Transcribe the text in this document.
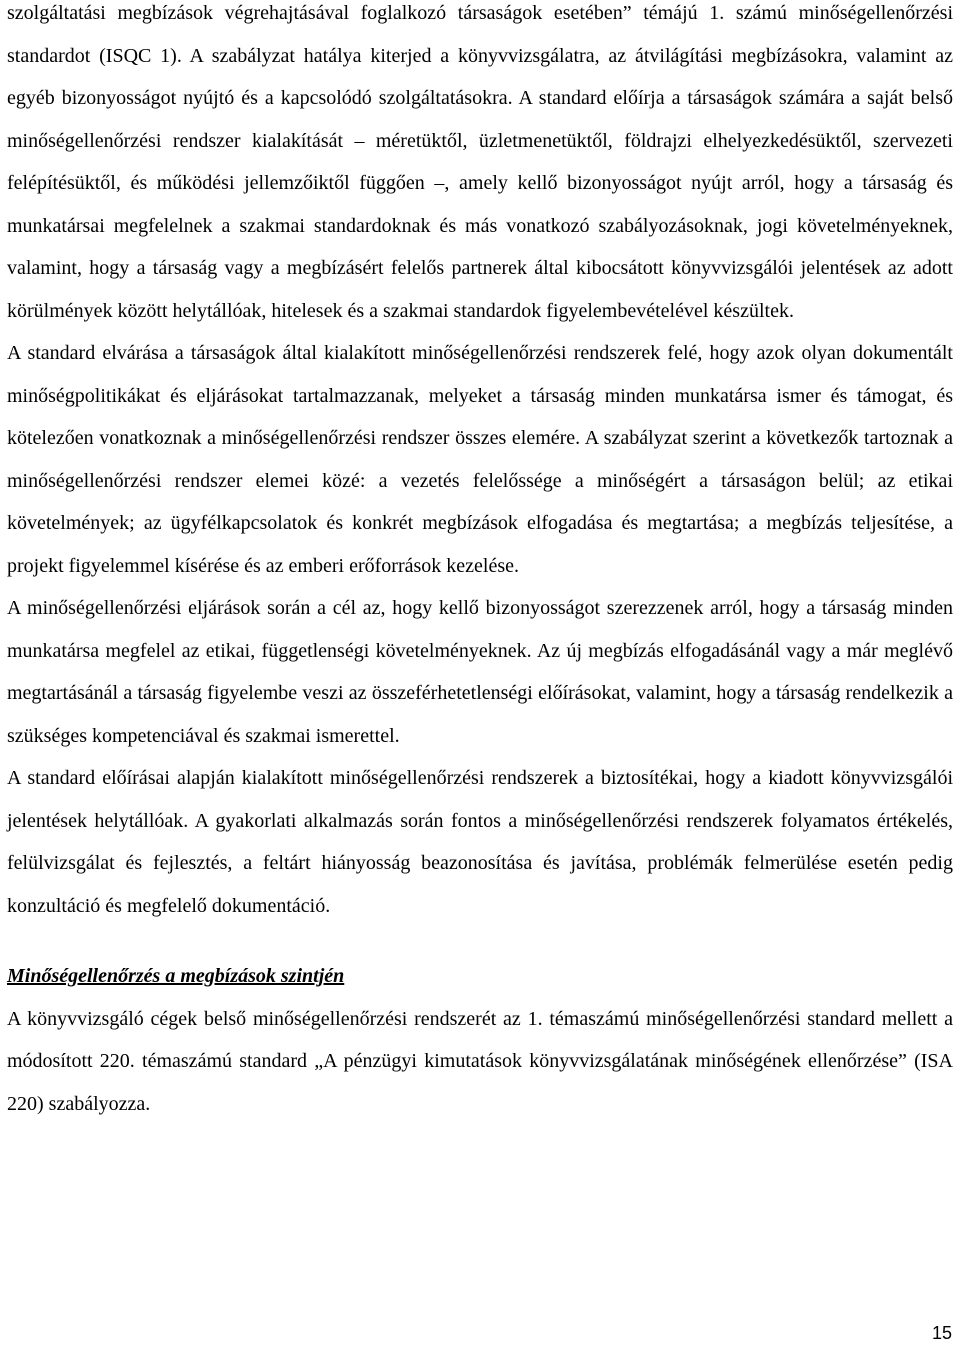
szolgáltatási megbízások végrehajtásával foglalkozó társaságok esetében” témájú 1. számú minőségellenőrzési standardot (ISQC 1). A szabályzat hatálya kiterjed a könyvvizsgálatra, az átvilágítási megbízásokra, valamint az egyéb bizonyosságot nyújtó és a kapcsolódó szolgáltatásokra. A standard előírja a társaságok számára a saját belső minőségellenőrzési rendszer kialakítását – méretüktől, üzletmenetüktől, földrajzi elhelyezkedésüktől, szervezeti felépítésüktől, és működési jellemzőiktől függően –, amely kellő bizonyosságot nyújt arról, hogy a társaság és munkatársai megfelelnek a szakmai standardoknak és más vonatkozó szabályozásoknak, jogi követelményeknek, valamint, hogy a társaság vagy a megbízásért felelős partnerek által kibocsátott könyvvizsgálói jelentések az adott körülmények között helytállóak, hitelesek és a szakmai standardok figyelembevételével készültek.

A standard elvárása a társaságok által kialakított minőségellenőrzési rendszerek felé, hogy azok olyan dokumentált minőségpolitikákat és eljárásokat tartalmazzanak, melyeket a társaság minden munkatársa ismer és támogat, és kötelezően vonatkoznak a minőségellenőrzési rendszer összes elemére. A szabályzat szerint a következők tartoznak a minőségellenőrzési rendszer elemei közé: a vezetés felelőssége a minőségért a társaságon belül; az etikai követelmények; az ügyfélkapcsolatok és konkrét megbízások elfogadása és megtartása; a megbízás teljesítése, a projekt figyelemmel kísérése és az emberi erőforrások kezelése.

A minőségellenőrzési eljárások során a cél az, hogy kellő bizonyosságot szerezzenek arról, hogy a társaság minden munkatársa megfelel az etikai, függetlenségi követelményeknek. Az új megbízás elfogadásánál vagy a már meglévő megtartásánál a társaság figyelembe veszi az összeférhetetlenségi előírásokat, valamint, hogy a társaság rendelkezik a szükséges kompetenciával és szakmai ismerettel.

A standard előírásai alapján kialakított minőségellenőrzési rendszerek a biztosítékai, hogy a kiadott könyvvizsgálói jelentések helytállóak. A gyakorlati alkalmazás során fontos a minőségellenőrzési rendszerek folyamatos értékelés, felülvizsgálat és fejlesztés, a feltárt hiányosság beazonosítása és javítása, problémák felmerülése esetén pedig konzultáció és megfelelő dokumentáció.

Minőségellenőrzés a megbízások szintjén

A könyvvizsgáló cégek belső minőségellenőrzési rendszerét az 1. témaszámú minőségellenőrzési standard mellett a módosított 220. témaszámú standard „A pénzügyi kimutatások könyvvizsgálatának minőségének ellenőrzése” (ISA 220) szabályozza.

15
